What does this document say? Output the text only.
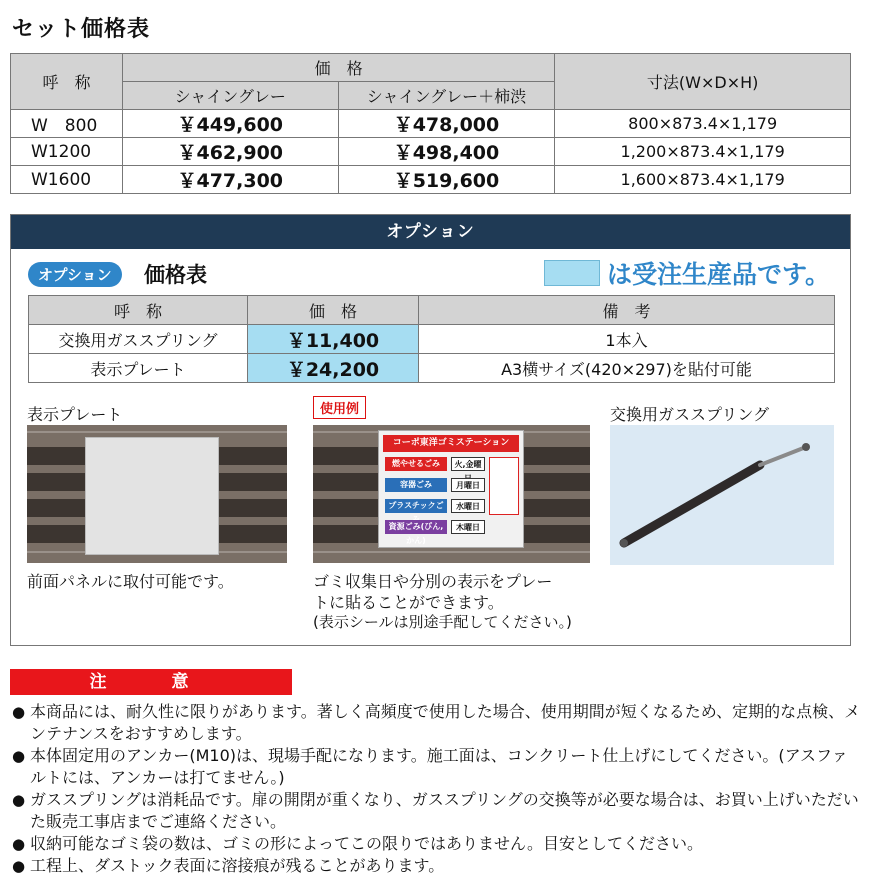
セット価格表
呼　称	価　格		寸法(W×D×H)
	シャイングレー	シャイングレー＋柿渋	
W　800	￥449,600	￥478,000	800×873.4×1,179
W1200	￥462,900	￥498,400	1,200×873.4×1,179
W1600	￥477,300	￥519,600	1,600×873.4×1,179
オプション
オプション	価格表	は受注生産品です。
呼　称	価　格	備　考
交換用ガススプリング	￥11,400	1本入
表示プレート	￥24,200	A3横サイズ(420×297)を貼付可能
表示プレート
前面パネルに取付可能です。
コーポ東洋ゴミステーション
燃やせるごみ	火,金曜
容器ごみ	月曜日
プラスチックご	水曜日
資源ごみ(びん,かん)
木曜日
使用例
ゴミ収集日や分別の表示をプレー
トに貼ることができます。
(表示シールは別途手配してください。)
交換用ガススプリング
注　意
● 本商品には、耐久性に限りがあります。著しく高頻度で使用した場合、使用期間が短くなるため、定期的な点検、メンテナンスをおすすめします。
● 本体固定用のアンカー(M10)は、現場手配になります。施工面は、コンクリート仕上げにしてください。(アスファルトには、アンカーは打てません。)
● ガススプリングは消耗品です。扉の開閉が重くなり、ガススプリングの交換等が必要な場合は、お買い上げいただいた販売工事店までご連絡ください。
● 収納可能なゴミ袋の数は、ゴミの形によってこの限りではありません。目安としてください。
● 工程上、ダストック表面に溶接痕が残ることがあります。
